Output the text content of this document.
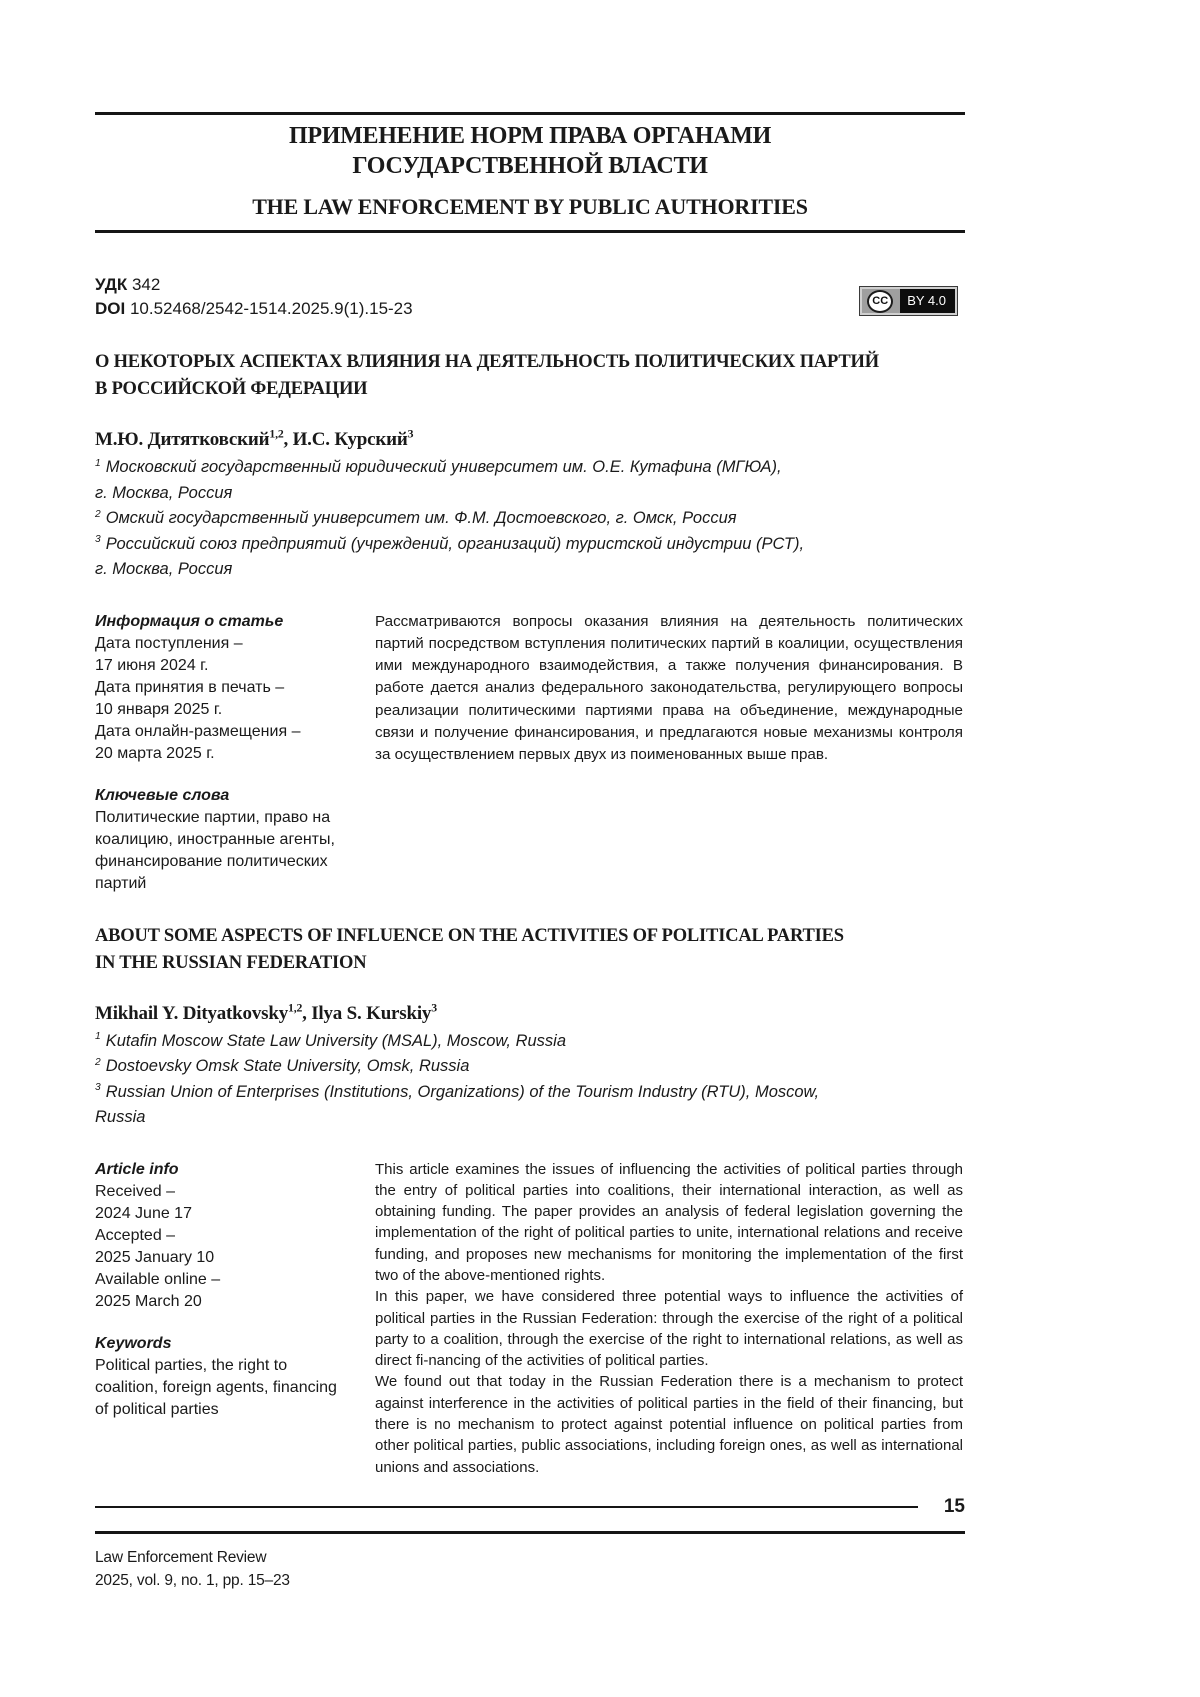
ПРИМЕНЕНИЕ НОРМ ПРАВА ОРГАНАМИ
ГОСУДАРСТВЕННОЙ ВЛАСТИ
THE LAW ENFORCEMENT BY PUBLIC AUTHORITIES
УДК 342
DOI 10.52468/2542-1514.2025.9(1).15-23	CC	BY 4.0
О НЕКОТОРЫХ АСПЕКТАХ ВЛИЯНИЯ НА ДЕЯТЕЛЬНОСТЬ ПОЛИТИЧЕСКИХ ПАРТИЙ
В РОССИЙСКОЙ ФЕДЕРАЦИИ
М.Ю. Дитятковский$^{1,2}$, И.С. Курский$^3$
$^1$ Московский государственный юридический университет им. О.Е. Кутафина (МГЮА),
г. Москва, Россия
$^2$ Омский государственный университет им. Ф.М. Достоевского, г. Омск, Россия
$^3$ Российский союз предприятий (учреждений, организаций) туристской индустрии (РСТ),
г. Москва, Россия
Информация о статье
Дата поступления –
17 июня 2024 г.
Дата принятия в печать –
10 января 2025 г.
Дата онлайн-размещения –
20 марта 2025 г.
Ключевые слова
Политические партии, право на коалицию, иностранные агенты, финансирование политических партий
Рассматриваются вопросы оказания влияния на деятельность политических партий посредством вступления политических партий в коалиции, осуществления ими международного взаимодействия, а также получения финансирования. В работе дается анализ федерального законодательства, регулирующего вопросы реализации политическими партиями права на объединение, международные связи и получение финансирования, и предлагаются новые механизмы контроля за осуществлением первых двух из поименованных выше прав.
ABOUT SOME ASPECTS OF INFLUENCE ON THE ACTIVITIES OF POLITICAL PARTIES
IN THE RUSSIAN FEDERATION
Mikhail Y. Dityatkovsky$^{1,2}$, Ilya S. Kurskiy$^3$
$^1$ Kutafin Moscow State Law University (MSAL), Moscow, Russia
$^2$ Dostoevsky Omsk State University, Omsk, Russia
$^3$ Russian Union of Enterprises (Institutions, Organizations) of the Tourism Industry (RTU), Moscow,
Russia
Article info
Received –
2024 June 17
Accepted –
2025 January 10
Available online –
2025 March 20
Keywords
Political parties, the right to coalition, foreign agents, financing of political parties

This article examines the issues of influencing the activities of political parties through the entry of political parties into coalitions, their international interaction, as well as obtaining funding. The paper provides an analysis of federal legislation governing the implementation of the right of political parties to unite, international relations and receive funding, and proposes new mechanisms for monitoring the implementation of the first two of the above-mentioned rights.

In this paper, we have considered three potential ways to influence the activities of political parties in the Russian Federation: through the exercise of the right of a political party to a coalition, through the exercise of the right to international relations, as well as direct fi-nancing of the activities of political parties.

We found out that today in the Russian Federation there is a mechanism to protect against interference in the activities of political parties in the field of their financing, but there is no mechanism to protect against potential influence on political parties from other political parties, public associations, including foreign ones, as well as international unions and associations.

15
Law Enforcement Review
2025, vol. 9, no. 1, pp. 15–23
